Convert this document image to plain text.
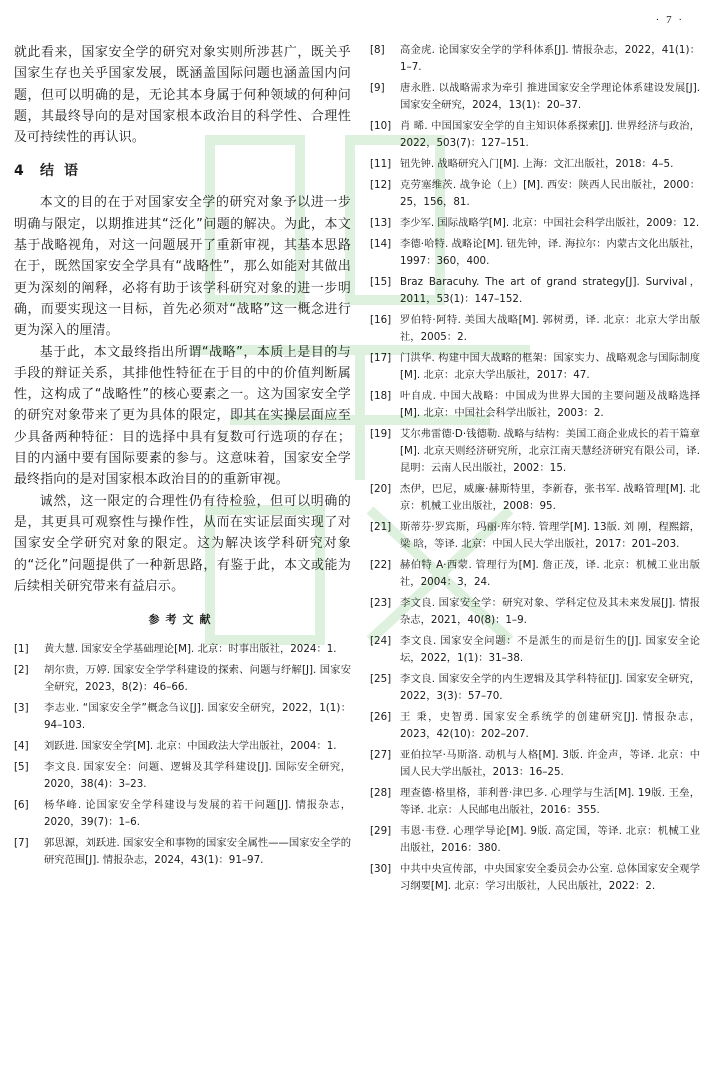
· 7 ·

就此看来，国家安全学的研究对象实则所涉甚广，既关乎国家生存也关乎国家发展，既涵盖国际问题也涵盖国内问题，但可以明确的是，无论其本身属于何种领域的何种问题，其最终导向的是对国家根本政治目的科学性、合理性及可持续性的再认识。

4 结语

本文的目的在于对国家安全学的研究对象予以进一步明确与限定，以期推进其“泛化”问题的解决。为此，本文基于战略视角，对这一问题展开了重新审视，其基本思路在于，既然国家安全学具有“战略性”，那么如能对其做出更为深刻的阐释，必将有助于该学科研究对象的进一步明确，而要实现这一目标，首先必须对“战略”这一概念进行更为深入的厘清。

基于此，本文最终指出所谓“战略”，本质上是目的与手段的辩证关系，其排他性特征在于目的中的价值判断属性，这构成了“战略性”的核心要素之一。这为国家安全学的研究对象带来了更为具体的限定，即其在实操层面应至少具备两种特征：目的选择中具有复数可行选项的存在；目的内涵中要有国际要素的参与。这意味着，国家安全学最终指向的是对国家根本政治目的的重新审视。

诚然，这一限定的合理性仍有待检验，但可以明确的是，其更具可观察性与操作性，从而在实证层面实现了对国家安全学研究对象的限定。这为解决该学科研究对象的“泛化”问题提供了一种新思路，有鉴于此，本文或能为后续相关研究带来有益启示。

参考文献
[1]	黄大慧. 国家安全学基础理论[M]. 北京：时事出版社，2024：1.
[2]	胡尔贵，万婷. 国家安全学学科建设的探索、问题与纾解[J]. 国家安全研究，2023，8(2)：46–66.
[3]	李志业. “国家安全学”概念刍议[J]. 国家安全研究，2022，1(1)：94–103.
[4]	刘跃进. 国家安全学[M]. 北京：中国政法大学出版社，2004：1.
[5]	李文良. 国家安全：问题、逻辑及其学科建设[J]. 国际安全研究，2020，38(4)：3–23.
[6]	杨华峰. 论国家安全学科建设与发展的若干问题[J]. 情报杂志，2020，39(7)：1–6.
[7]	郭思源，刘跃进. 国家安全和事物的国家安全属性——国家安全学的研究范围[J]. 情报杂志，2024，43(1)：91–97.
[8]	高金虎. 论国家安全学的学科体系[J]. 情报杂志，2022，41(1)：1–7.
[9]	唐永胜. 以战略需求为牵引 推进国家安全学理论体系建设发展[J]. 国家安全研究，2024，13(1)：20–37.
[10] 肖 晞. 中国国家安全学的自主知识体系探索[J]. 世界经济与政治，2022，503(7)：127–151.
[11] 钮先钟. 战略研究入门[M]. 上海：文汇出版社，2018：4–5.
[12] 克劳塞维茨. 战争论（上）[M]. 西安：陕西人民出版社，2000：25，156，81.
[13] 李少军. 国际战略学[M]. 北京：中国社会科学出版社，2009：12.
[14] 李德·哈特. 战略论[M]. 钮先钟，译. 海拉尔：内蒙古文化出版社，1997：360，400.
[15] Braz Baracuhy. The art of grand strategy[J]. Survival，2011，53(1)：147–152.
[16] 罗伯特·阿特. 美国大战略[M]. 郭树勇，译. 北京：北京大学出版社，2005：2.
[17] 门洪华. 构建中国大战略的框架：国家实力、战略观念与国际制度[M]. 北京：北京大学出版社，2017：47.
[18] 叶自成. 中国大战略：中国成为世界大国的主要问题及战略选择[M]. 北京：中国社会科学出版社，2003：2.
[19] 艾尔弗雷德·D·钱德勒. 战略与结构：美国工商企业成长的若干篇章[M]. 北京天则经济研究所，北京江南天慧经济研究有限公司，译. 昆明：云南人民出版社，2002：15.
[20] 杰伊，巴尼，威廉·赫斯特里，李新春，张书军. 战略管理[M]. 北京：机械工业出版社，2008：95.
[21] 斯蒂芬·罗宾斯，玛丽·库尔特. 管理学[M]. 13版. 刘 刚，程熙鎔，梁 晗，等译. 北京：中国人民大学出版社，2017：201–203.
[22] 赫伯特 A·西蒙. 管理行为[M]. 詹正茂，译. 北京：机械工业出版社，2004：3，24.
[23] 李文良. 国家安全学：研究对象、学科定位及其未来发展[J]. 情报杂志，2021，40(8)：1–9.
[24] 李文良. 国家安全问题：不是派生的而是衍生的[J]. 国家安全论坛，2022，1(1)：31–38.
[25] 李文良. 国家安全学的内生逻辑及其学科特征[J]. 国家安全研究，2022，3(3)：57–70.
[26] 王 秉，史智勇. 国家安全系统学的创建研究[J]. 情报杂志，2023，42(10)：202–207.
[27] 亚伯拉罕·马斯洛. 动机与人格[M]. 3版. 许金声，等译. 北京：中国人民大学出版社，2013：16–25.
[28] 理查德·格里格，菲利普·津巴多. 心理学与生活[M]. 19版. 王垒，等译. 北京：人民邮电出版社，2016：355.
[29] 韦恩·韦登. 心理学导论[M]. 9版. 高定国，等译. 北京：机械工业出版社，2016：380.
[30] 中共中央宣传部，中央国家安全委员会办公室. 总体国家安全观学习纲要[M]. 北京：学习出版社，人民出版社，2022：2.
